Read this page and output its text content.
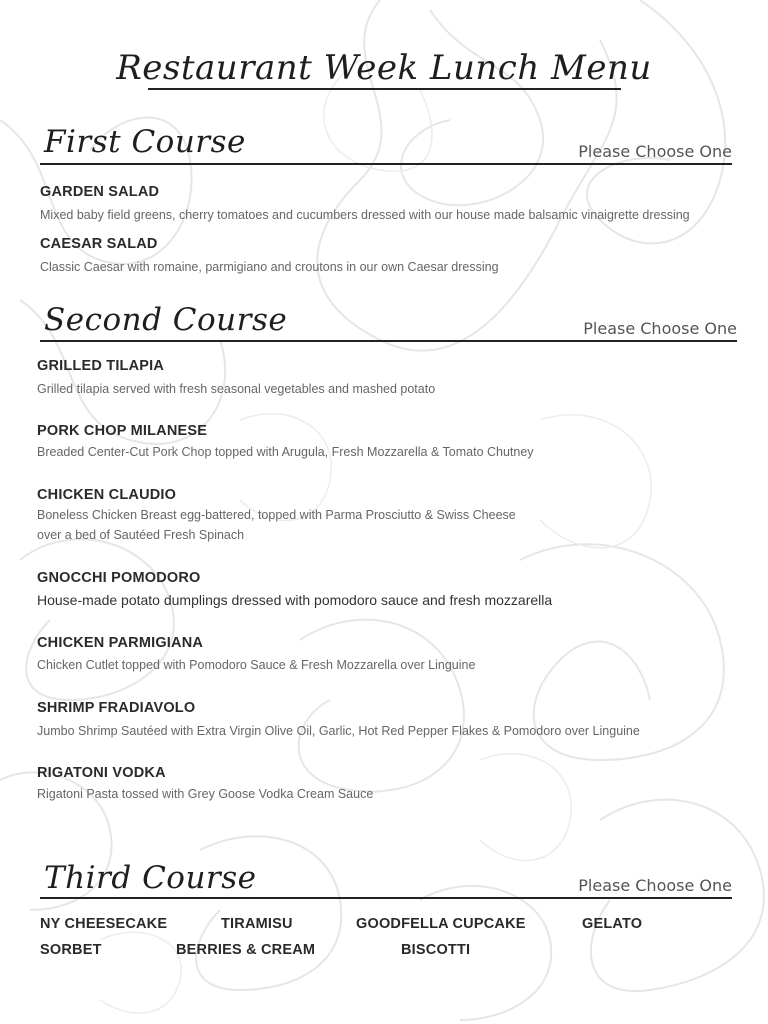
Restaurant Week Lunch Menu
First Course	Please Choose One
GARDEN SALAD
Mixed baby field greens, cherry tomatoes and cucumbers dressed with our house made balsamic vinaigrette dressing
CAESAR SALAD
Classic Caesar with romaine, parmigiano and croutons in our own Caesar dressing
Second Course	Please Choose One
GRILLED TILAPIA
Grilled tilapia served with fresh seasonal vegetables and mashed potato
PORK CHOP MILANESE
Breaded Center-Cut Pork Chop topped with Arugula, Fresh Mozzarella & Tomato Chutney
CHICKEN CLAUDIO
Boneless Chicken Breast egg-battered, topped with Parma Prosciutto & Swiss Cheese
over a bed of Sautéed Fresh Spinach
GNOCCHI POMODORO
House-made potato dumplings dressed with pomodoro sauce and fresh mozzarella
CHICKEN PARMIGIANA
Chicken Cutlet topped with Pomodoro Sauce & Fresh Mozzarella over Linguine
SHRIMP FRADIAVOLO
Jumbo Shrimp Sautéed with Extra Virgin Olive Oil, Garlic, Hot Red Pepper Flakes & Pomodoro over Linguine
RIGATONI VODKA
Rigatoni Pasta tossed with Grey Goose Vodka Cream Sauce
Third Course	Please Choose One
NY CHEESECAKE	TIRAMISU	GOODFELLA CUPCAKE	GELATO
SORBET	BERRIES & CREAM	BISCOTTI
